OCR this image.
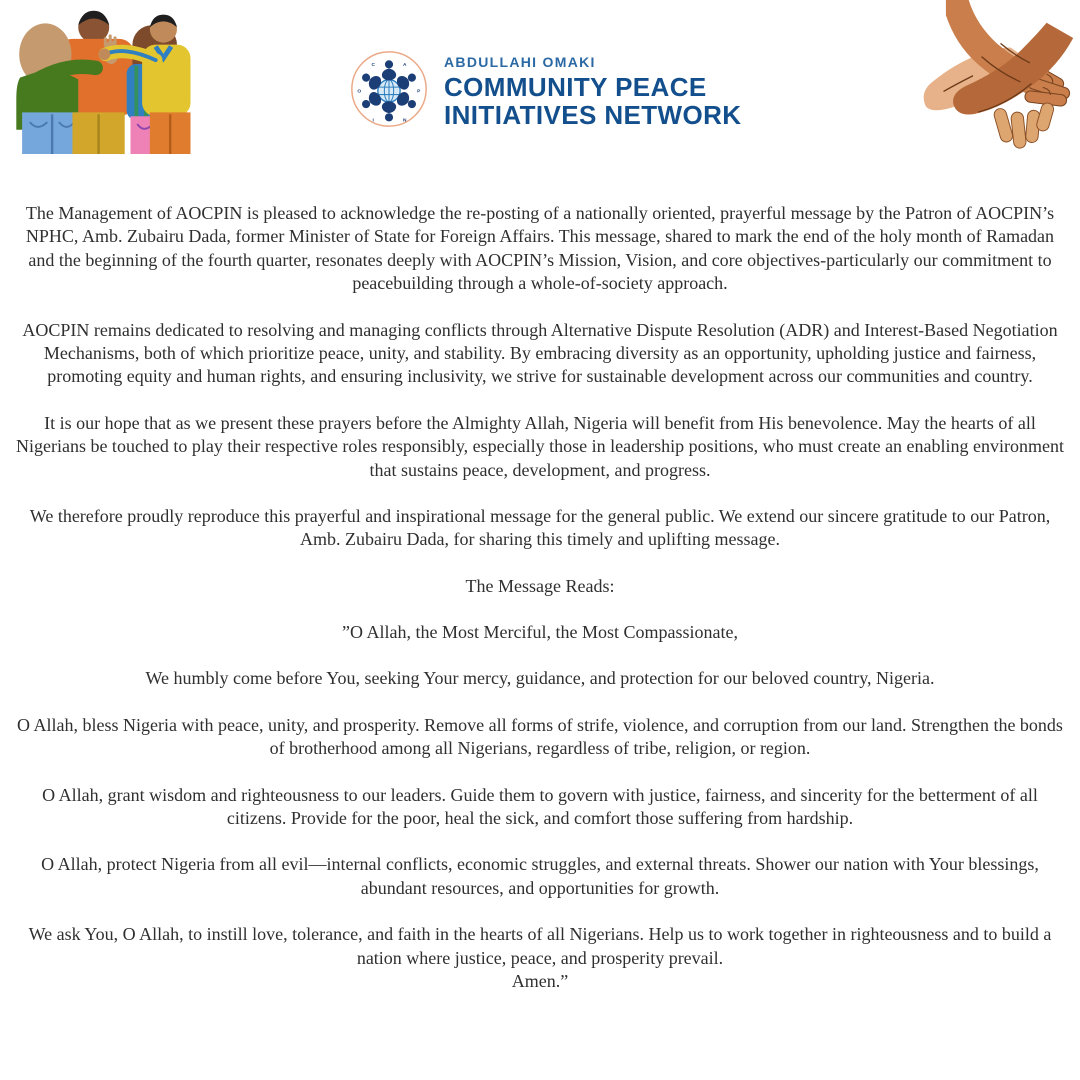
C	A
O	P
I	N
ABDULLAHI OMAKI
COMMUNITY PEACE
INITIATIVES NETWORK

The Management of AOCPIN is pleased to acknowledge the re-posting of a nationally oriented, prayerful message by the Patron of AOCPIN’s NPHC, Amb. Zubairu Dada, former Minister of State for Foreign Affairs. This message, shared to mark the end of the holy month of Ramadan and the beginning of the fourth quarter, resonates deeply with AOCPIN’s Mission, Vision, and core objectives-particularly our commitment to peacebuilding through a whole-of-society approach.

AOCPIN remains dedicated to resolving and managing conflicts through Alternative Dispute Resolution (ADR) and Interest-Based Negotiation Mechanisms, both of which prioritize peace, unity, and stability. By embracing diversity as an opportunity, upholding justice and fairness, promoting equity and human rights, and ensuring inclusivity, we strive for sustainable development across our communities and country.

It is our hope that as we present these prayers before the Almighty Allah, Nigeria will benefit from His benevolence. May the hearts of all Nigerians be touched to play their respective roles responsibly, especially those in leadership positions, who must create an enabling environment that sustains peace, development, and progress.

We therefore proudly reproduce this prayerful and inspirational message for the general public. We extend our sincere gratitude to our Patron, Amb. Zubairu Dada, for sharing this timely and uplifting message.

The Message Reads:

”O Allah, the Most Merciful, the Most Compassionate,

We humbly come before You, seeking Your mercy, guidance, and protection for our beloved country, Nigeria.

O Allah, bless Nigeria with peace, unity, and prosperity. Remove all forms of strife, violence, and corruption from our land. Strengthen the bonds of brotherhood among all Nigerians, regardless of tribe, religion, or region.

O Allah, grant wisdom and righteousness to our leaders. Guide them to govern with justice, fairness, and sincerity for the betterment of all citizens. Provide for the poor, heal the sick, and comfort those suffering from hardship.

O Allah, protect Nigeria from all evil—internal conflicts, economic struggles, and external threats. Shower our nation with Your blessings, abundant resources, and opportunities for growth.

We ask You, O Allah, to instill love, tolerance, and faith in the hearts of all Nigerians. Help us to work together in righteousness and to build a nation where justice, peace, and prosperity prevail.

Amen.”
